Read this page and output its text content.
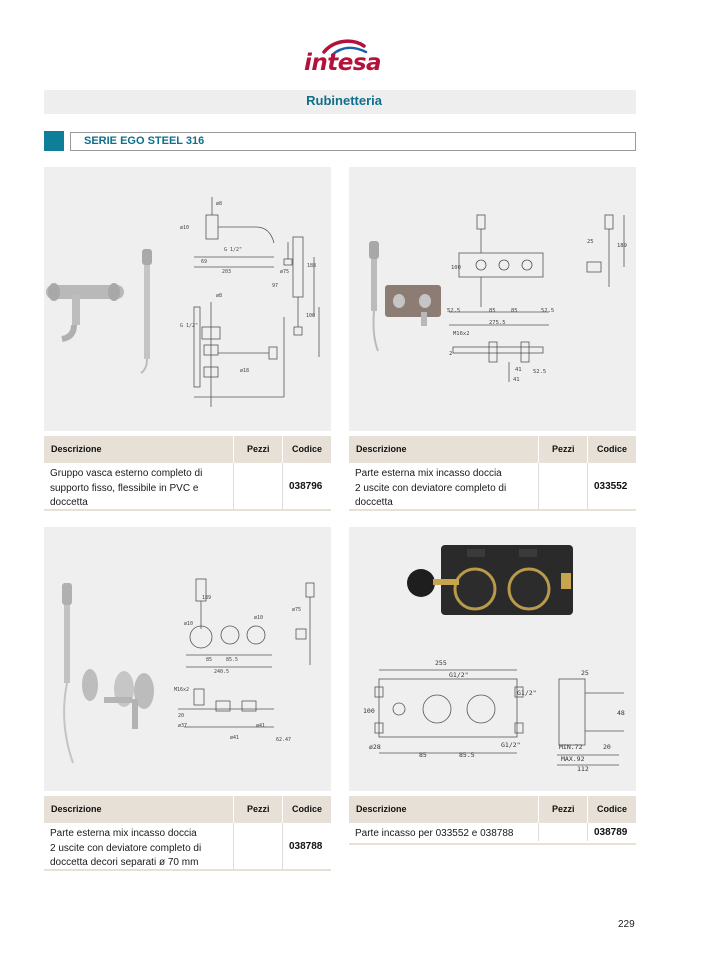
intesa
Rubinetteria
SERIE EGO STEEL 316
ø8
ø10
G 1/2"
69
203	ø75
97
188
G 1/2"
100
ø8
ø18
Descrizione	Pezzi Codice
Gruppo vasca esterno completo di
supporto fisso, flessibile in PVC e
doccetta
038796
100
52.5	85	85	52.5
275.5
M16x2
2
41
41
52.5
25
189
Descrizione	Pezzi Codice
Parte esterna mix incasso doccia
2 uscite con deviatore completo di
doccetta
033552
189
ø10
ø10
85	85.5
240.5
ø75
M16x2
20
ø37
ø41
ø41
62.47
Descrizione	Pezzi Codice
Parte esterna mix incasso doccia
2 uscite con deviatore completo di
doccetta decori separati ø 70 mm
038788
255
G1/2"
G1/2"
100
G1/2"
85	85.5
ø28
25
48
MIN.72	20
MAX.92
112
Descrizione	Pezzi Codice
Parte incasso per 033552 e 038788	038789
229
